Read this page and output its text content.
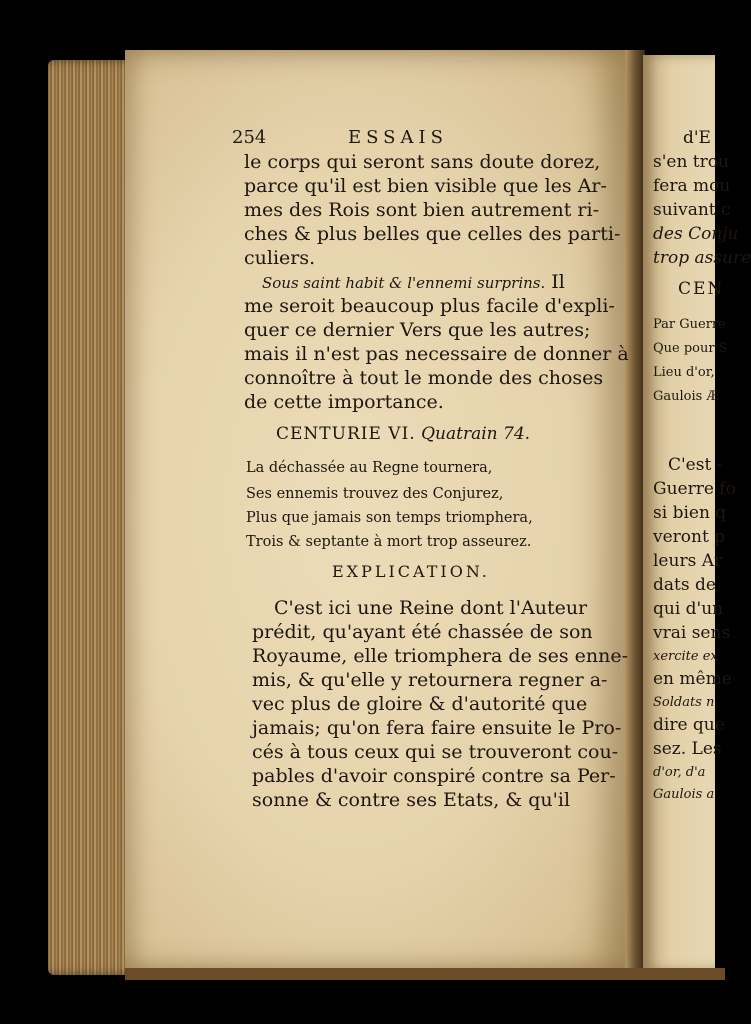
d'E
s'en trou
fera mou
suivant c
des Conju
trop assure
CEN
Par Guerre
Que pour S
Lieu d'or,
Gaulois Æ
C'est -
Guerre fo
si bien q
veront p
leurs Ar
dats de
qui d'un
vrai sens
xercite ex
en même
Soldats n
dire que
sez. Les
d'or, d'a
Gaulois a
254	ESSAIS
le corps qui seront sans doute dorez,
parce qu'il est bien visible que les Ar-
mes des Rois sont bien autrement ri-
ches & plus belles que celles des parti-
culiers.
Sous saint habit & l'ennemi surprins. Il
me seroit beaucoup plus facile d'expli-
quer ce dernier Vers que les autres;
mais il n'est pas necessaire de donner à
connoître à tout le monde des choses
de cette importance.
CENTURIE VI. Quatrain 74.
La déchassée au Regne tournera,
Ses ennemis trouvez des Conjurez,
Plus que jamais son temps triomphera,
Trois & septante à mort trop asseurez.
EXPLICATION.
C'est ici une Reine dont l'Auteur
prédit, qu'ayant été chassée de son
Royaume, elle triomphera de ses enne-
mis, & qu'elle y retournera regner a-
vec plus de gloire & d'autorité que
jamais; qu'on fera faire ensuite le Pro-
cés à tous ceux qui se trouveront cou-
pables d'avoir conspiré contre sa Per-
sonne & contre ses Etats, & qu'il
